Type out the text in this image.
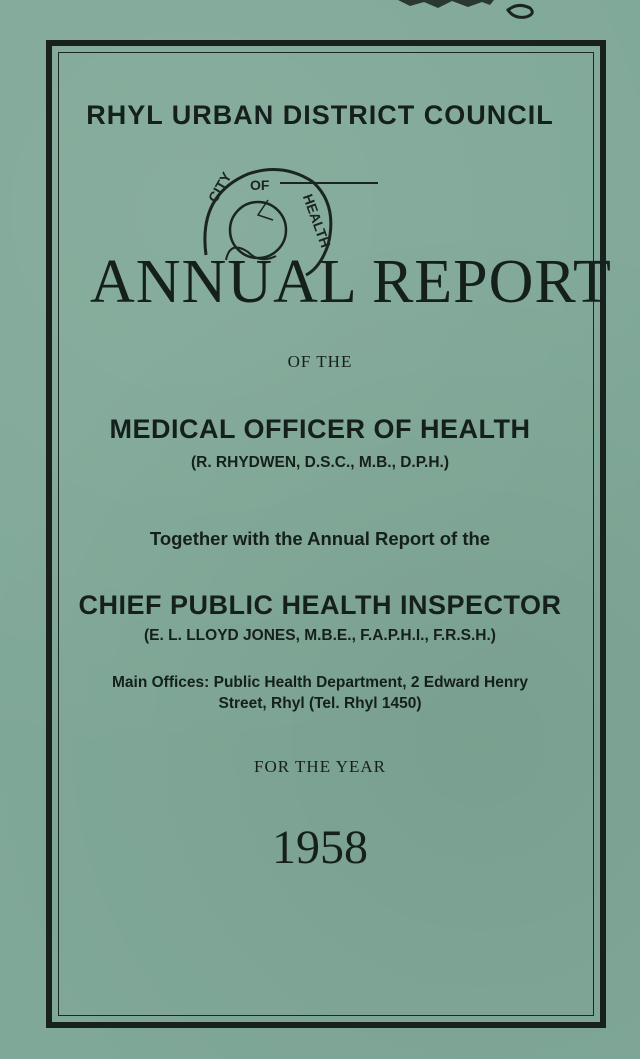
RHYL URBAN DISTRICT COUNCIL
OF
CITY
HEALTH
ANNUAL REPORT
OF THE
MEDICAL OFFICER OF HEALTH
(R. RHYDWEN, D.S.C., M.B., D.P.H.)
Together with the Annual Report of the
CHIEF PUBLIC HEALTH INSPECTOR
(E. L. LLOYD JONES, M.B.E., F.A.P.H.I., F.R.S.H.)
Main Offices: Public Health Department, 2 Edward Henry
Street, Rhyl (Tel. Rhyl 1450)
FOR THE YEAR
1958
